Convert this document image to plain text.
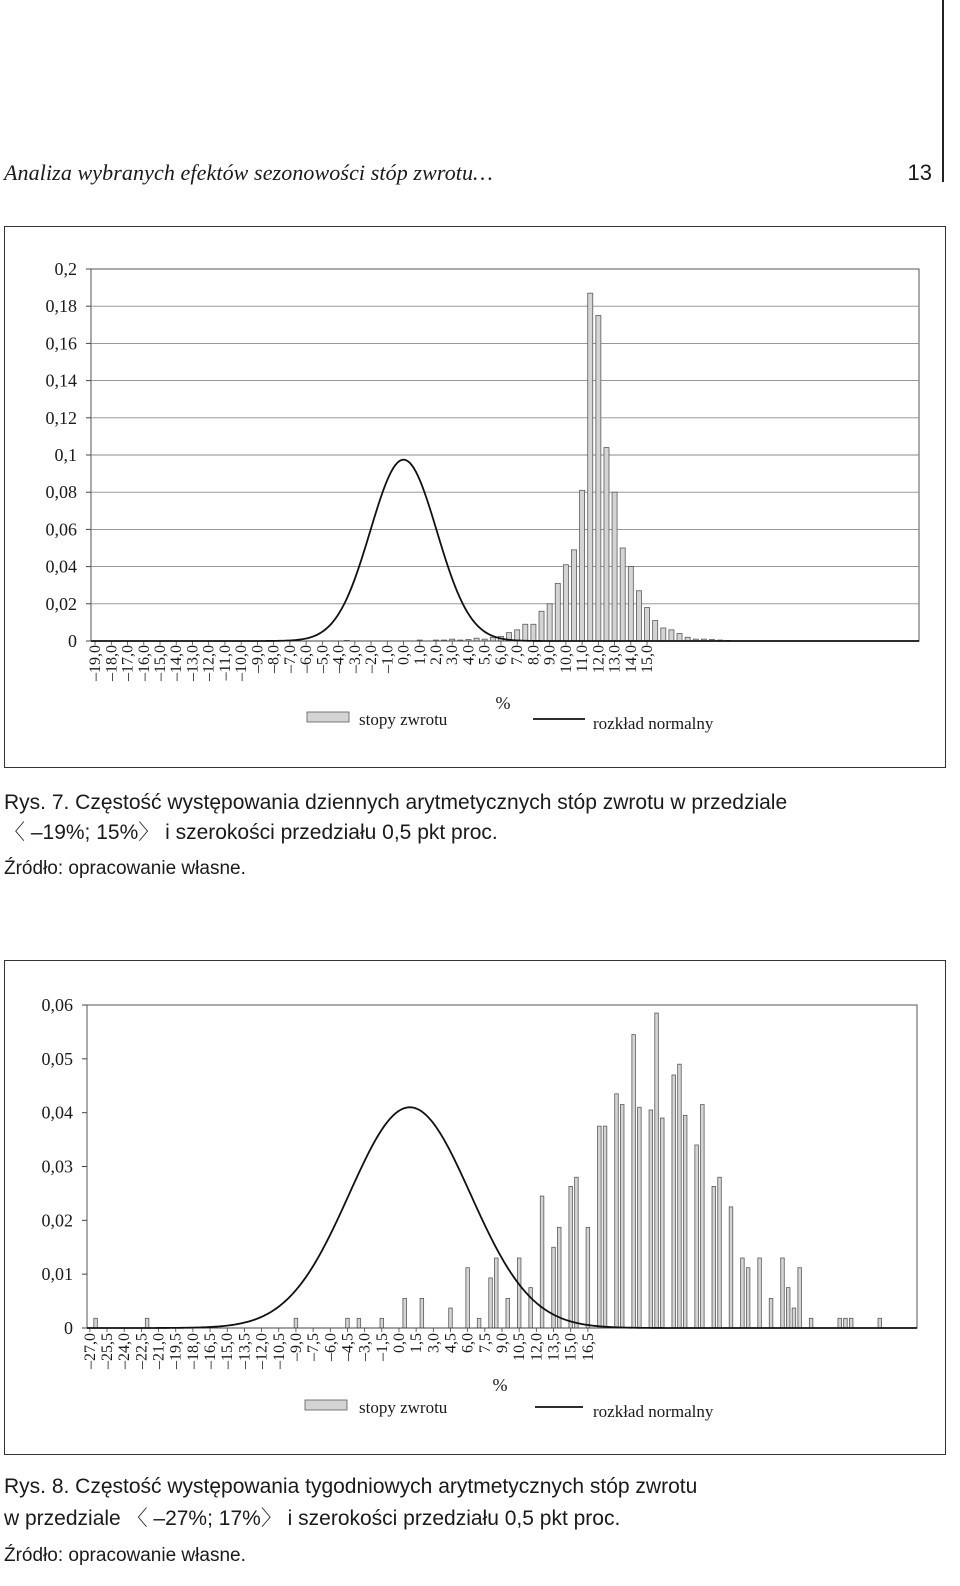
Analiza wybranych efektów sezonowości stóp zwrotu…	13
0
0,02
0,04
0,06
0,08
0,1
0,12
0,14
0,16
0,18
0,2
–19,0 –18,0 –17,0 –16,0 –15,0 –14,0 –13,0 –12,0 –11,0 –10,0 –9,0 –8,0 –7,0 –6,0 –5,0 –4,0 –3,0 –2,0 –1,0 0,0 1,0 2,0 3,0 4,0 5,0 6,0 7,0 8,0 9,0 10,0 11,0 12,0 13,0 14,0 15,0
%
stopy zwrotu	rozkład normalny
Rys. 7. Częstość występowania dziennych arytmetycznych stóp zwrotu w przedziale
〈 –19%; 15%〉 i szerokości przedziału 0,5 pkt proc.
Źródło: opracowanie własne.
0
0,01
0,02
0,03
0,04
0,05
0,06
–27,0 –25,5 –24,0 –22,5 –21,0 –19,5 –18,0 –16,5 –15,0 –13,5 –12,0 –10,5 –9,0 –7,5 –6,0 –4,5 –3,0 –1,5 0,0 1,5 3,0 4,5 6,0 7,5 9,0 10,5 12,0 13,5 15,0 16,5
%
stopy zwrotu	rozkład normalny
Rys. 8. Częstość występowania tygodniowych arytmetycznych stóp zwrotu
w przedziale 〈 –27%; 17%〉 i szerokości przedziału 0,5 pkt proc.
Źródło: opracowanie własne.
